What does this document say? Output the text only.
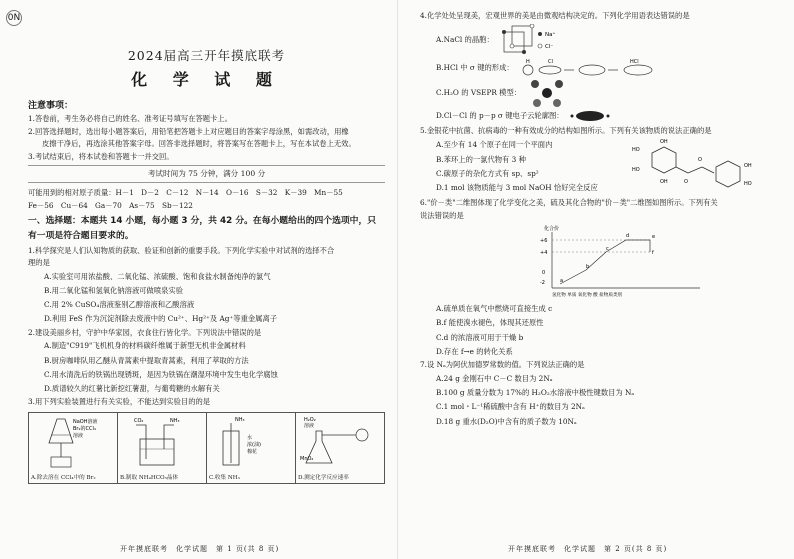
0N
2024届高三开年摸底联考
化 学 试 题
注意事项：

1.答卷前，考生务必将自己的姓名、准考证号填写在答题卡上。

2.回答选择题时，选出每小题答案后，用铅笔把答题卡上对应题目的答案字母涂黑，如需改动，用橡

皮擦干净后，再选涂其他答案字母。回答非选择题时，将答案写在答题卡上，写在本试卷上无效。

3.考试结束后，将本试卷和答题卡一并交回。

考试时间为 75 分钟，满分 100 分

可能用到的相对原子质量：H－1　D－2　C－12　N－14　O－16　S－32　K－39　Mn－55

Fe－56　Cu－64　Ga－70　As－75　Sb－122

一、选择题：本题共 14 小题，每小题 3 分，共 42 分。在每小题给出的四个选项中，只
有一项是符合题目要求的。

1.科学探究是人们认知物质的获取、验证和创新的重要手段。下列化学实验中对试剂的选择不合

理的是

A.实验室可用浓盐酸、二氧化锰、浓硫酸、饱和食盐水制备纯净的氯气

B.用二氧化锰和氢氧化钠溶液可做喷泉实验

C.用 2% CuSO₄溶液鉴别乙醇溶液和乙酸溶液

D.利用 FeS 作为沉淀剂除去废液中的 Cu²⁺、Hg²⁺及 Ag⁺等重金属离子

2.建设美丽乡村，守护中华家园，衣食住行皆化学。下列说法中错误的是

A.制造"C919"飞机机身的材料碳纤维属于新型无机非金属材料

B.厨房咖啡队用乙醚从青蒿素中提取青蒿素，利用了萃取的方法

C.用水清洗后的铁锅出现锈斑，是因为铁锅在潮湿环境中发生电化学腐蚀

D.质谱较久的红薯比新挖红薯甜，与葡萄糖的水解有关

3.用下列实验装置进行有关实验，不能达到实验目的的是

NaOH溶液
Br₂的CCl₄
溶液
A.除去溶在 CCl₄中的 Br₂
CO₂	NH₃
B.制取 NH₄HCO₃晶体
NH₃
水
浓(油)
棉花
C.收集 NH₃
H₂O₂
溶液
MnO₂
D.测定化学反应速率
开年摸底联考　化学试题　第 1 页(共 8 页)

4.化学处处呈现美，宏观世界的美是由微观结构决定的。下列化学用语表达错误的是

A.NaCl 的晶胞：	Na⁺
Cl⁻
B.HCl 中 σ 键的形成：
H	Cl	HCl
C.H₂O 的 VSEPR 模型：
D.Cl－Cl 的 p－p σ 键电子云轮廓图：

5.金银花中抗菌、抗病毒的一种有效成分的结构如图所示。下列有关该物质的说法正确的是

A.至少有 14 个原子在同一个平面内

B.苯环上的一氯代物有 3 种

C.碳原子的杂化方式有 sp、sp²

D.1 mol 该物质能与 3 mol NaOH 恰好完全反应

OH
HO
HO
OH	O
O
OH
HO

6."价－类"二维图体现了化学变化之美，硫及其化合物的"价－类"二维图如图所示。下列有关

说法错误的是

化合价
+6
+4
0
-2	a
b
c
d	e
f
氢化物 单质 氧化物 酸 盐物质类别

A.硫单质在氧气中燃烧可直接生成 c

B.f 能使溴水褪色，体现其还原性

C.d 的浓溶液可用于干燥 b

D.存在 f→e 的转化关系

7.设 Nₐ为阿伏加德罗常数的值。下列说法正确的是

A.24 g 金刚石中 C－C 数目为 2Nₐ

B.100 g 质量分数为 17%的 H₂O₂水溶液中极性键数目为 Nₐ

C.1 mol・L⁻¹稀硫酸中含有 H⁺的数目为 2Nₐ

D.18 g 重水(D₂O)中含有的质子数为 10Nₐ

开年摸底联考　化学试题　第 2 页(共 8 页)
